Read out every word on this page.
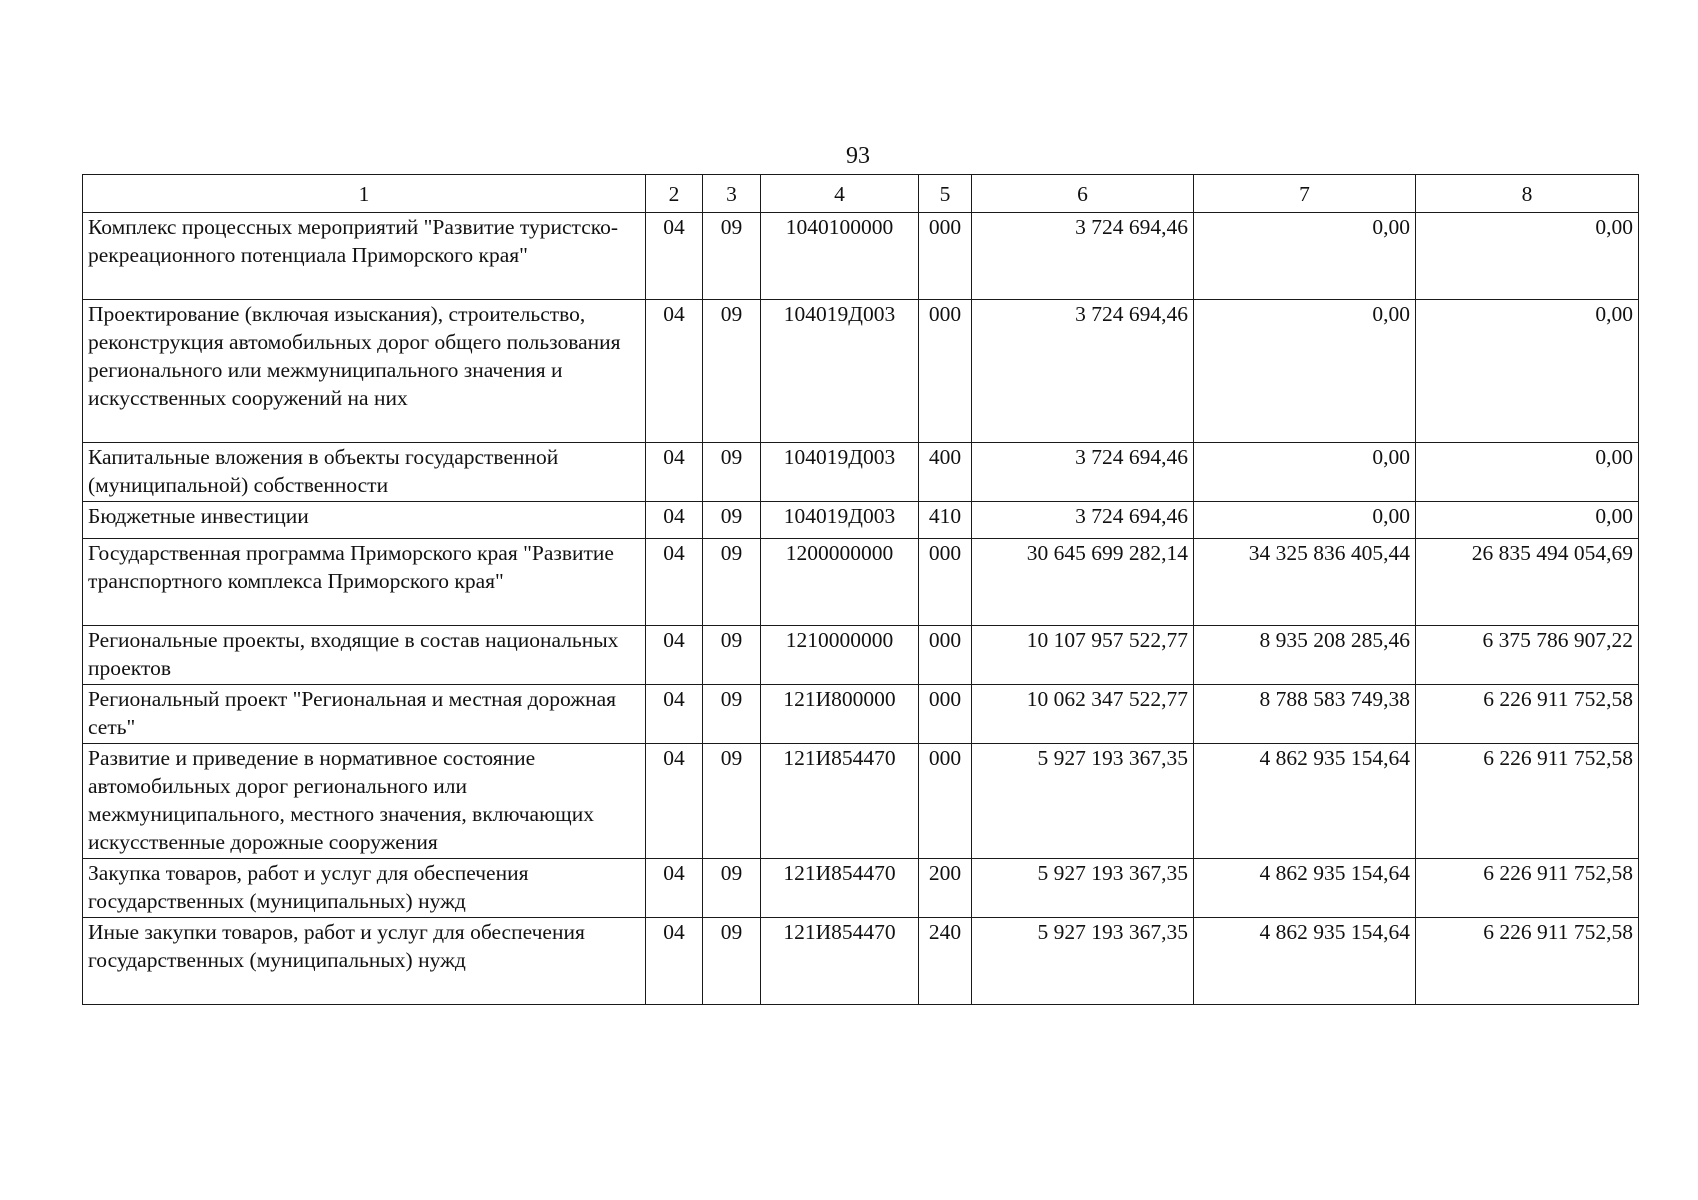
93
1	2	3	4	5	6	7	8
Комплекс процессных мероприятий "Развитие туристско-рекреационного потенциала Приморского края"	04	09	1040100000	000	3 724 694,46	0,00	0,00
Проектирование (включая изыскания), строительство, реконструкция автомобильных дорог общего пользования регионального или межмуниципального значения и искусственных сооружений на них	04	09	104019Д003	000	3 724 694,46	0,00	0,00
Капитальные вложения в объекты государственной (муниципальной) собственности	04	09	104019Д003	400	3 724 694,46	0,00	0,00
Бюджетные инвестиции	04	09	104019Д003	410	3 724 694,46	0,00	0,00
Государственная программа Приморского края "Развитие транспортного комплекса Приморского края"	04	09	1200000000	000	30 645 699 282,14	34 325 836 405,44	26 835 494 054,69
Региональные проекты, входящие в состав национальных проектов	04	09	1210000000	000	10 107 957 522,77	8 935 208 285,46	6 375 786 907,22
Региональный проект "Региональная и местная дорожная сеть"	04	09	121И800000	000	10 062 347 522,77	8 788 583 749,38	6 226 911 752,58
Развитие и приведение в нормативное состояние автомобильных дорог регионального или межмуниципального, местного значения, включающих искусственные дорожные сооружения	04	09	121И854470	000	5 927 193 367,35	4 862 935 154,64	6 226 911 752,58
Закупка товаров, работ и услуг для обеспечения государственных (муниципальных) нужд	04	09	121И854470	200	5 927 193 367,35	4 862 935 154,64	6 226 911 752,58
Иные закупки товаров, работ и услуг для обеспечения государственных (муниципальных) нужд	04	09	121И854470	240	5 927 193 367,35	4 862 935 154,64	6 226 911 752,58
